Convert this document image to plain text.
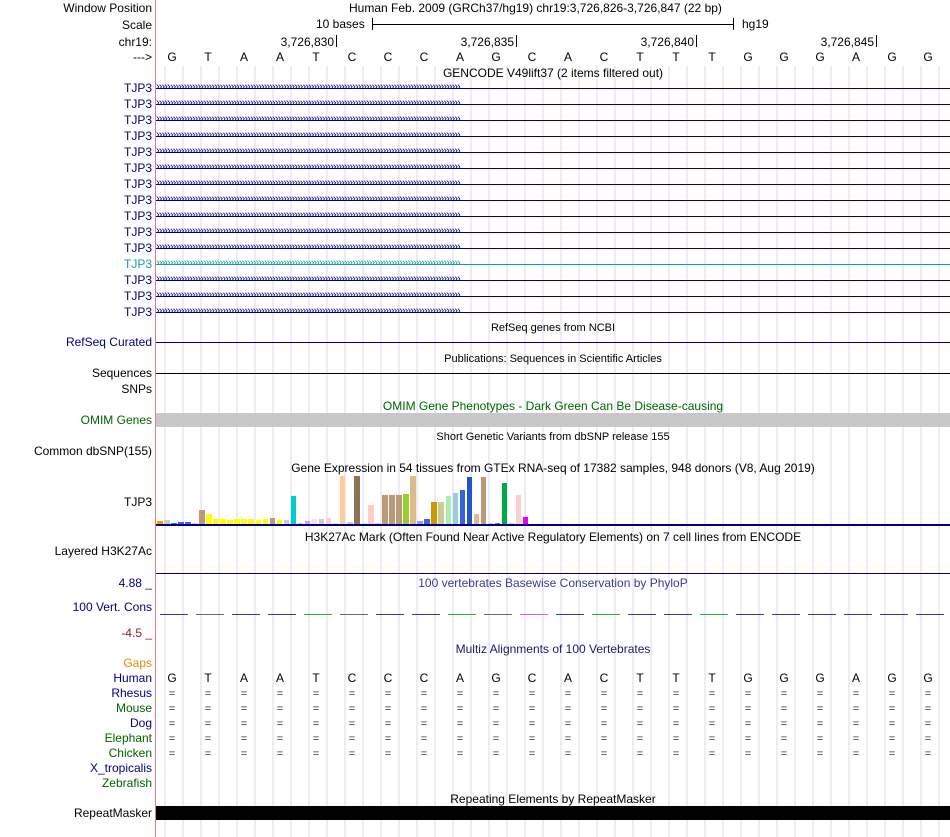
Window Position	Human Feb. 2009 (GRCh37/hg19) chr19:3,726,826-3,726,847 (22 bp)
Scale	10 bases	hg19
chr19:	3,726,830	3,726,835	3,726,840	3,726,845
--->	G	T	A	A	T	C	C	C	A	G	C	A	C	T	T	T	G	G	G	A	G	G
GENCODE V49lift37 (2 items filtered out)
TJP3 ››››››››››››››››››››››››››››››››››››››››››››››››››››››››››››››››››››››››››››››››››››››››››››››››››››››››››››››
TJP3 ››››››››››››››››››››››››››››››››››››››››››››››››››››››››››››››››››››››››››››››››››››››››››››››››››››››››››››››
TJP3 ››››››››››››››››››››››››››››››››››››››››››››››››››››››››››››››››››››››››››››››››››››››››››››››››››››››››››››››
TJP3 ››››››››››››››››››››››››››››››››››››››››››››››››››››››››››››››››››››››››››››››››››››››››››››››››››››››››››››››
TJP3 ››››››››››››››››››››››››››››››››››››››››››››››››››››››››››››››››››››››››››››››››››››››››››››››››››››››››››››››
TJP3 ››››››››››››››››››››››››››››››››››››››››››››››››››››››››››››››››››››››››››››››››››››››››››››››››››››››››››››››
TJP3 ››››››››››››››››››››››››››››››››››››››››››››››››››››››››››››››››››››››››››››››››››››››››››››››››››››››››››››››
TJP3 ››››››››››››››››››››››››››››››››››››››››››››››››››››››››››››››››››››››››››››››››››››››››››››››››››››››››››››››
TJP3 ››››››››››››››››››››››››››››››››››››››››››››››››››››››››››››››››››››››››››››››››››››››››››››››››››››››››››››››
TJP3 ››››››››››››››››››››››››››››››››››››››››››››››››››››››››››››››››››››››››››››››››››››››››››››››››››››››››››››››
TJP3 ››››››››››››››››››››››››››››››››››››››››››››››››››››››››››››››››››››››››››››››››››››››››››››››››››››››››››››››
TJP3 ››››››››››››››››››››››››››››››››››››››››››››››››››››››››››››››››››››››››››››››››››››››››››››››››››››››››››››››
TJP3 ››››››››››››››››››››››››››››››››››››››››››››››››››››››››››››››››››››››››››››››››››››››››››››››››››››››››››››››
TJP3 ››››››››››››››››››››››››››››››››››››››››››››››››››››››››››››››››››››››››››››››››››››››››››››››››››››››››››››››
TJP3 ››››››››››››››››››››››››››››››››››››››››››››››››››››››››››››››››››››››››››››››››››››››››››››››››››››››››››››››
RefSeq genes from NCBI
RefSeq Curated
Publications: Sequences in Scientific Articles
Sequences
SNPs
OMIM Gene Phenotypes - Dark Green Can Be Disease-causing
OMIM Genes
Short Genetic Variants from dbSNP release 155
Common dbSNP(155)
Gene Expression in 54 tissues from GTEx RNA-seq of 17382 samples, 948 donors (V8, Aug 2019)
TJP3
H3K27Ac Mark (Often Found Near Active Regulatory Elements) on 7 cell lines from ENCODE
Layered H3K27Ac
4.88 _	100 vertebrates Basewise Conservation by PhyloP
100 Vert. Cons
-4.5 _
Multiz Alignments of 100 Vertebrates
Gaps
Human	G	T	A	A	T	C	C	C	A	G	C	A	C	T	T	T	G	G	G	A	G	G
Rhesus	=	=	=	=	=	=	=	=	=	=	=	=	=	=	=	=	=	=	=	=	=	=
Mouse	=	=	=	=	=	=	=	=	=	=	=	=	=	=	=	=	=	=	=	=	=	=
Dog	=	=	=	=	=	=	=	=	=	=	=	=	=	=	=	=	=	=	=	=	=	=
Elephant	=	=	=	=	=	=	=	=	=	=	=	=	=	=	=	=	=	=	=	=	=	=
Chicken	=	=	=	=	=	=	=	=	=	=	=	=	=	=	=	=	=	=	=	=	=	=
X_tropicalis
Zebrafish
Repeating Elements by RepeatMasker
RepeatMasker
